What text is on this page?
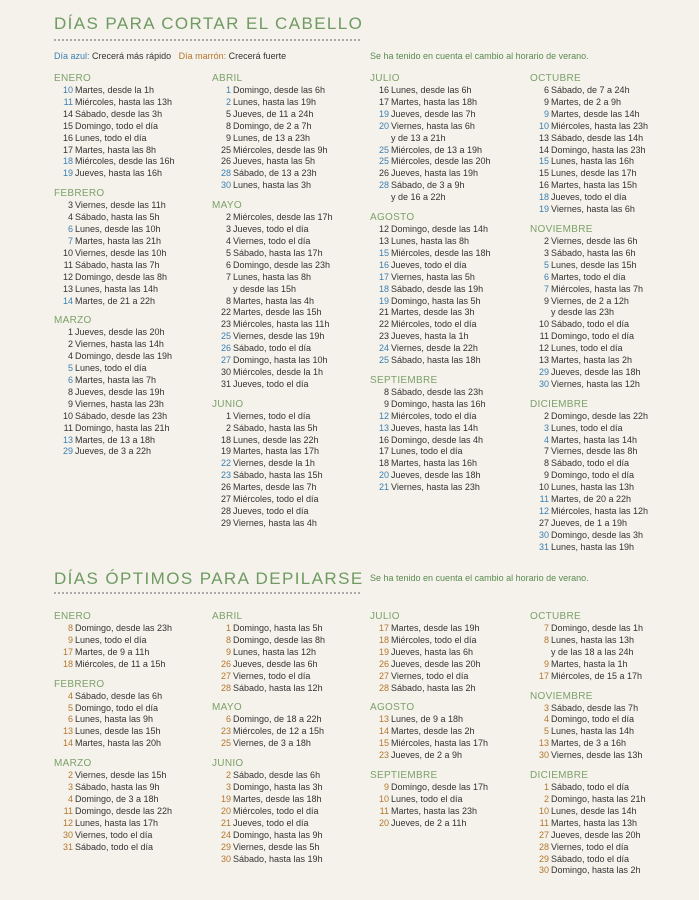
DÍAS PARA CORTAR EL CABELLO
Día azul: Crecerá más rápido Día marrón: Crecerá fuerte	Se ha tenido en cuenta el cambio al horario de verano.
ENERO
10 Martes, desde la 1h
11 Miércoles, hasta las 13h
14 Sábado, desde las 3h
15 Domingo, todo el día
16 Lunes, todo el día
17 Martes, hasta las 8h
18 Miércoles, desde las 16h
19 Jueves, hasta las 16h
FEBRERO
3 Viernes, desde las 11h
4 Sábado, hasta las 5h
6 Lunes, desde las 10h
7 Martes, hasta las 21h
10 Viernes, desde las 10h
11 Sábado, hasta las 7h
12 Domingo, desde las 8h
13 Lunes, hasta las 14h
14 Martes, de 21 a 22h
MARZO
1 Jueves, desde las 20h
2 Viernes, hasta las 14h
4 Domingo, desde las 19h
5 Lunes, todo el día
6 Martes, hasta las 7h
8 Jueves, desde las 19h
9 Viernes, hasta las 23h
10 Sábado, desde las 23h
11 Domingo, hasta las 21h
13 Martes, de 13 a 18h
29 Jueves, de 3 a 22h
ABRIL
1 Domingo, desde las 6h
2 Lunes, hasta las 19h
5 Jueves, de 11 a 24h
8 Domingo, de 2 a 7h
9 Lunes, de 13 a 23h
25 Miércoles, desde las 9h
26 Jueves, hasta las 5h
28 Sábado, de 13 a 23h
30 Lunes, hasta las 3h
MAYO
2 Miércoles, desde las 17h
3 Jueves, todo el día
4 Viernes, todo el día
5 Sábado, hasta las 17h
6 Domingo, desde las 23h
7 Lunes, hasta las 8h
y desde las 15h
8 Martes, hasta las 4h
22 Martes, desde las 15h
23 Miércoles, hasta las 11h
25 Viernes, desde las 19h
26 Sábado, todo el día
27 Domingo, hasta las 10h
30 Miércoles, desde la 1h
31 Jueves, todo el día
JUNIO
1 Viernes, todo el día
2 Sábado, hasta las 5h
18 Lunes, desde las 22h
19 Martes, hasta las 17h
22 Viernes, desde la 1h
23 Sábado, hasta las 15h
26 Martes, desde las 7h
27 Miércoles, todo el día
28 Jueves, todo el día
29 Viernes, hasta las 4h
JULIO
16 Lunes, desde las 6h
17 Martes, hasta las 18h
19 Jueves, desde las 7h
20 Viernes, hasta las 6h
y de 13 a 21h
25 Miércoles, de 13 a 19h
25 Miércoles, desde las 20h
26 Jueves, hasta las 19h
28 Sábado, de 3 a 9h
y de 16 a 22h
AGOSTO
12 Domingo, desde las 14h
13 Lunes, hasta las 8h
15 Miércoles, desde las 18h
16 Jueves, todo el día
17 Viernes, hasta las 5h
18 Sábado, desde las 19h
19 Domingo, hasta las 5h
21 Martes, desde las 3h
22 Miércoles, todo el día
23 Jueves, hasta la 1h
24 Viernes, desde la 22h
25 Sábado, hasta las 18h
SEPTIEMBRE
8 Sábado, desde las 23h
9 Domingo, hasta las 16h
12 Miércoles, todo el día
13 Jueves, hasta las 14h
16 Domingo, desde las 4h
17 Lunes, todo el día
18 Martes, hasta las 16h
20 Jueves, desde las 18h
21 Viernes, hasta las 23h
OCTUBRE
6 Sábado, de 7 a 24h
9 Martes, de 2 a 9h
9 Martes, desde las 14h
10 Miércoles, hasta las 23h
13 Sábado, desde las 14h
14 Domingo, hasta las 23h
15 Lunes, hasta las 16h
15 Lunes, desde las 17h
16 Martes, hasta las 15h
18 Jueves, todo el día
19 Viernes, hasta las 6h
NOVIEMBRE
2 Viernes, desde las 6h
3 Sábado, hasta las 6h
5 Lunes, desde las 15h
6 Martes, todo el día
7 Miércoles, hasta las 7h
9 Viernes, de 2 a 12h
y desde las 23h
10 Sábado, todo el día
11 Domingo, todo el día
12 Lunes, todo el día
13 Martes, hasta las 2h
29 Jueves, desde las 18h
30 Viernes, hasta las 12h
DICIEMBRE
2 Domingo, desde las 22h
3 Lunes, todo el día
4 Martes, hasta las 14h
7 Viernes, desde las 8h
8 Sábado, todo el día
9 Domingo, todo el día
10 Lunes, hasta las 13h
11 Martes, de 20 a 22h
12 Miércoles, hasta las 12h
27 Jueves, de 1 a 19h
30 Domingo, desde las 3h
31 Lunes, hasta las 19h
DÍAS ÓPTIMOS PARA DEPILARSE Se ha tenido en cuenta el cambio al horario de verano.
ENERO
8 Domingo, desde las 23h
9 Lunes, todo el día
17 Martes, de 9 a 11h
18 Miércoles, de 11 a 15h
FEBRERO
4 Sábado, desde las 6h
5 Domingo, todo el día
6 Lunes, hasta las 9h
13 Lunes, desde las 15h
14 Martes, hasta las 20h
MARZO
2 Viernes, desde las 15h
3 Sábado, hasta las 9h
4 Domingo, de 3 a 18h
11 Domingo, desde las 22h
12 Lunes, hasta las 17h
30 Viernes, todo el día
31 Sábado, todo el día
ABRIL
1 Domingo, hasta las 5h
8 Domingo, desde las 8h
9 Lunes, hasta las 12h
26 Jueves, desde las 6h
27 Viernes, todo el día
28 Sábado, hasta las 12h
MAYO
6 Domingo, de 18 a 22h
23 Miércoles, de 12 a 15h
25 Viernes, de 3 a 18h
JUNIO
2 Sábado, desde las 6h
3 Domingo, hasta las 3h
19 Martes, desde las 18h
20 Miércoles, todo el día
21 Jueves, todo el día
24 Domingo, hasta las 9h
29 Viernes, desde las 5h
30 Sábado, hasta las 19h
JULIO
17 Martes, desde las 19h
18 Miércoles, todo el día
19 Jueves, hasta las 6h
26 Jueves, desde las 20h
27 Viernes, todo el día
28 Sábado, hasta las 2h
AGOSTO
13 Lunes, de 9 a 18h
14 Martes, desde las 2h
15 Miércoles, hasta las 17h
23 Jueves, de 2 a 9h
SEPTIEMBRE
9 Domingo, desde las 17h
10 Lunes, todo el día
11 Martes, hasta las 23h
20 Jueves, de 2 a 11h
OCTUBRE
7 Domingo, desde las 1h
8 Lunes, hasta las 13h
y de las 18 a las 24h
9 Martes, hasta la 1h
17 Miércoles, de 15 a 17h
NOVIEMBRE
3 Sábado, desde las 7h
4 Domingo, todo el día
5 Lunes, hasta las 14h
13 Martes, de 3 a 16h
30 Viernes, desde las 13h
DICIEMBRE
1 Sábado, todo el día
2 Domingo, hasta las 21h
10 Lunes, desde las 14h
11 Martes, hasta las 13h
27 Jueves, desde las 20h
28 Viernes, todo el día
29 Sábado, todo el día
30 Domingo, hasta las 2h
